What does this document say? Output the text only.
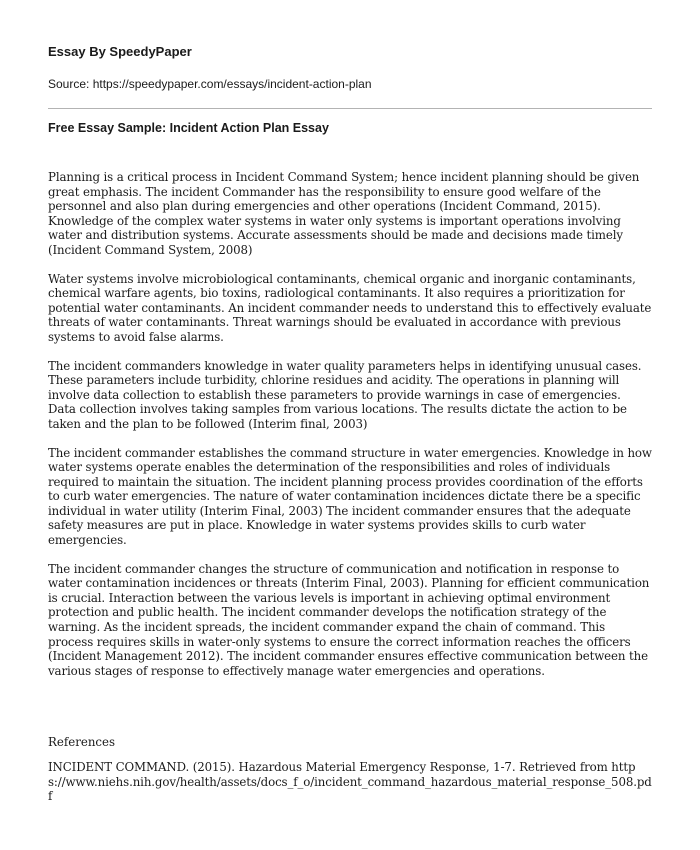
Essay By SpeedyPaper

Source: https://speedypaper.com/essays/incident-action-plan

Free Essay Sample: Incident Action Plan Essay

Planning is a critical process in Incident Command System; hence incident planning should be given great emphasis. The incident Commander has the responsibility to ensure good welfare of the personnel and also plan during emergencies and other operations (Incident Command, 2015). Knowledge of the complex water systems in water only systems is important operations involving water and distribution systems. Accurate assessments should be made and decisions made timely (Incident Command System, 2008)

Water systems involve microbiological contaminants, chemical organic and inorganic contaminants, chemical warfare agents, bio toxins, radiological contaminants. It also requires a prioritization for potential water contaminants. An incident commander needs to understand this to effectively evaluate threats of water contaminants. Threat warnings should be evaluated in accordance with previous systems to avoid false alarms.

The incident commanders knowledge in water quality parameters helps in identifying unusual cases. These parameters include turbidity, chlorine residues and acidity. The operations in planning will involve data collection to establish these parameters to provide warnings in case of emergencies. Data collection involves taking samples from various locations. The results dictate the action to be taken and the plan to be followed (Interim final, 2003)

The incident commander establishes the command structure in water emergencies. Knowledge in how water systems operate enables the determination of the responsibilities and roles of individuals required to maintain the situation. The incident planning process provides coordination of the efforts to curb water emergencies. The nature of water contamination incidences dictate there be a specific individual in water utility (Interim Final, 2003) The incident commander ensures that the adequate safety measures are put in place. Knowledge in water systems provides skills to curb water emergencies.

The incident commander changes the structure of communication and notification in response to water contamination incidences or threats (Interim Final, 2003). Planning for efficient communication is crucial. Interaction between the various levels is important in achieving optimal environment protection and public health. The incident commander develops the notification strategy of the warning. As the incident spreads, the incident commander expand the chain of command. This process requires skills in water-only systems to ensure the correct information reaches the officers (Incident Management 2012). The incident commander ensures effective communication between the various stages of response to effectively manage water emergencies and operations.

References

INCIDENT COMMAND. (2015). Hazardous Material Emergency Response, 1-7. Retrieved from https://www.niehs.nih.gov/health/assets/docs_f_o/incident_command_hazardous_material_response_508.pdf
